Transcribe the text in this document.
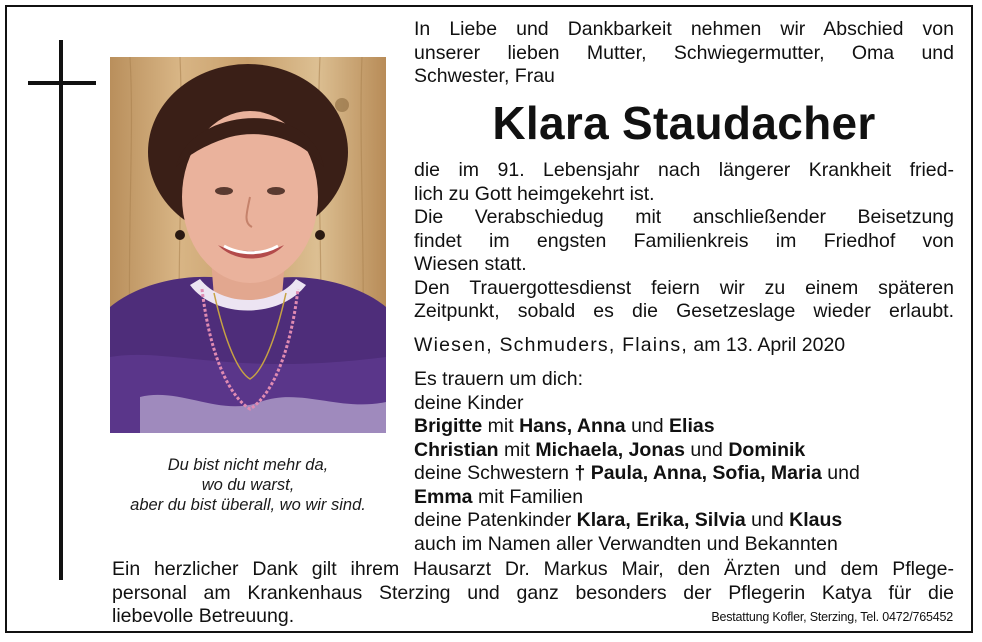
Du bist nicht mehr da,
wo du warst,
aber du bist überall, wo wir sind.
In Liebe und Dankbarkeit nehmen wir Abschied von
unserer lieben Mutter, Schwiegermutter, Oma und
Schwester, Frau
Klara Staudacher
die im 91. Lebensjahr nach längerer Krankheit fried-
lich zu Gott heimgekehrt ist.
Die Verabschiedug mit anschließender Beisetzung
findet im engsten Familienkreis im Friedhof von
Wiesen statt.
Den Trauergottesdienst feiern wir zu einem späteren
Zeitpunkt, sobald es die Gesetzeslage wieder erlaubt.
Wiesen, Schmuders, Flains, am 13. April 2020
Es trauern um dich:
deine Kinder
Brigitte mit Hans, Anna und Elias
Christian mit Michaela, Jonas und Dominik
deine Schwestern † Paula, Anna, Sofia, Maria und
Emma mit Familien
deine Patenkinder Klara, Erika, Silvia und Klaus
auch im Namen aller Verwandten und Bekannten
Ein herzlicher Dank gilt ihrem Hausarzt Dr. Markus Mair, den Ärzten und dem Pflege-
personal am Krankenhaus Sterzing und ganz besonders der Pflegerin Katya für die
liebevolle Betreuung.	Bestattung Kofler, Sterzing, Tel. 0472/765452
